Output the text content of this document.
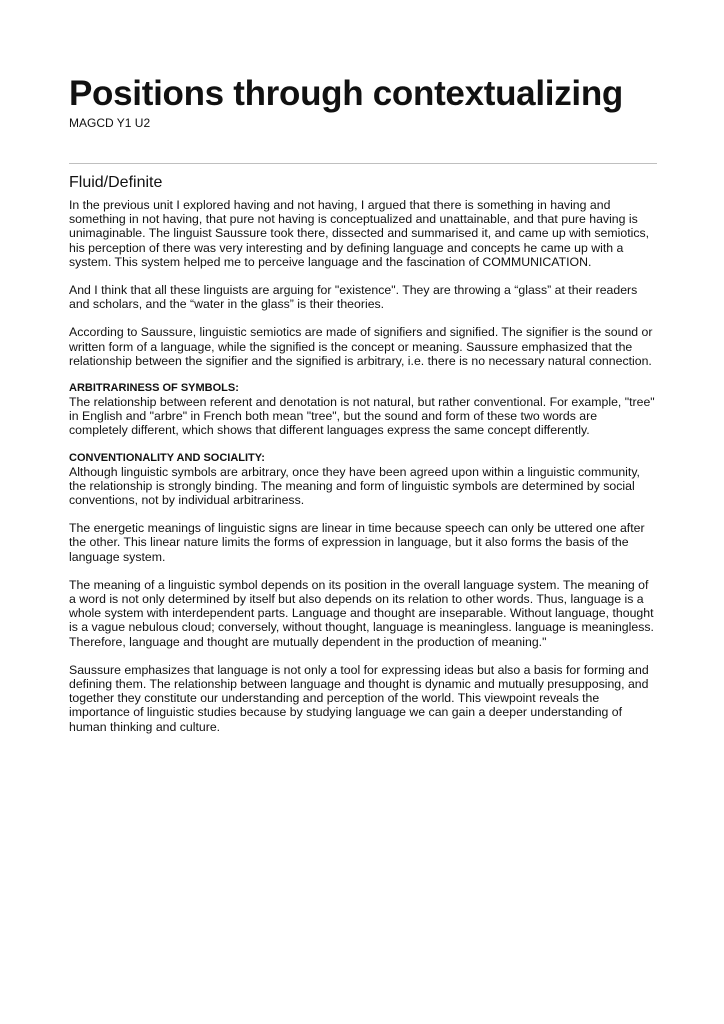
Positions through contextualizing
MAGCD Y1 U2
Fluid/Definite

In the previous unit I explored having and not having, I argued that there is something in having and something in not having, that pure not having is conceptualized and unattainable, and that pure having is unimaginable. The linguist Saussure took there, dissected and summarised it, and came up with semiotics, his perception of there was very interesting and by defining language and concepts he came up with a system. This system helped me to perceive language and the fascination of COMMUNICATION.

And I think that all these linguists are arguing for "existence". They are throwing a “glass” at their readers and scholars, and the “water in the glass” is their theories.

According to Saussure, linguistic semiotics are made of signifiers and signified. The signifier is the sound or written form of a language, while the signified is the concept or meaning. Saussure emphasized that the relationship between the signifier and the signified is arbitrary, i.e. there is no necessary natural connection.

ARBITRARINESS OF SYMBOLS:

The relationship between referent and denotation is not natural, but rather conventional. For example, "tree" in English and "arbre" in French both mean "tree", but the sound and form of these two words are completely different, which shows that different languages express the same concept differently.

CONVENTIONALITY AND SOCIALITY:

Although linguistic symbols are arbitrary, once they have been agreed upon within a linguistic community, the relationship is strongly binding. The meaning and form of linguistic symbols are determined by social conventions, not by individual arbitrariness.

The energetic meanings of linguistic signs are linear in time because speech can only be uttered one after the other. This linear nature limits the forms of expression in language, but it also forms the basis of the language system.

The meaning of a linguistic symbol depends on its position in the overall language system. The meaning of a word is not only determined by itself but also depends on its relation to other words. Thus, language is a whole system with interdependent parts. Language and thought are inseparable. Without language, thought is a vague nebulous cloud; conversely, without thought, language is meaningless. language is meaningless. Therefore, language and thought are mutually dependent in the production of meaning."

Saussure emphasizes that language is not only a tool for expressing ideas but also a basis for forming and defining them. The relationship between language and thought is dynamic and mutually presupposing, and together they constitute our understanding and perception of the world. This viewpoint reveals the importance of linguistic studies because by studying language we can gain a deeper understanding of human thinking and culture.
